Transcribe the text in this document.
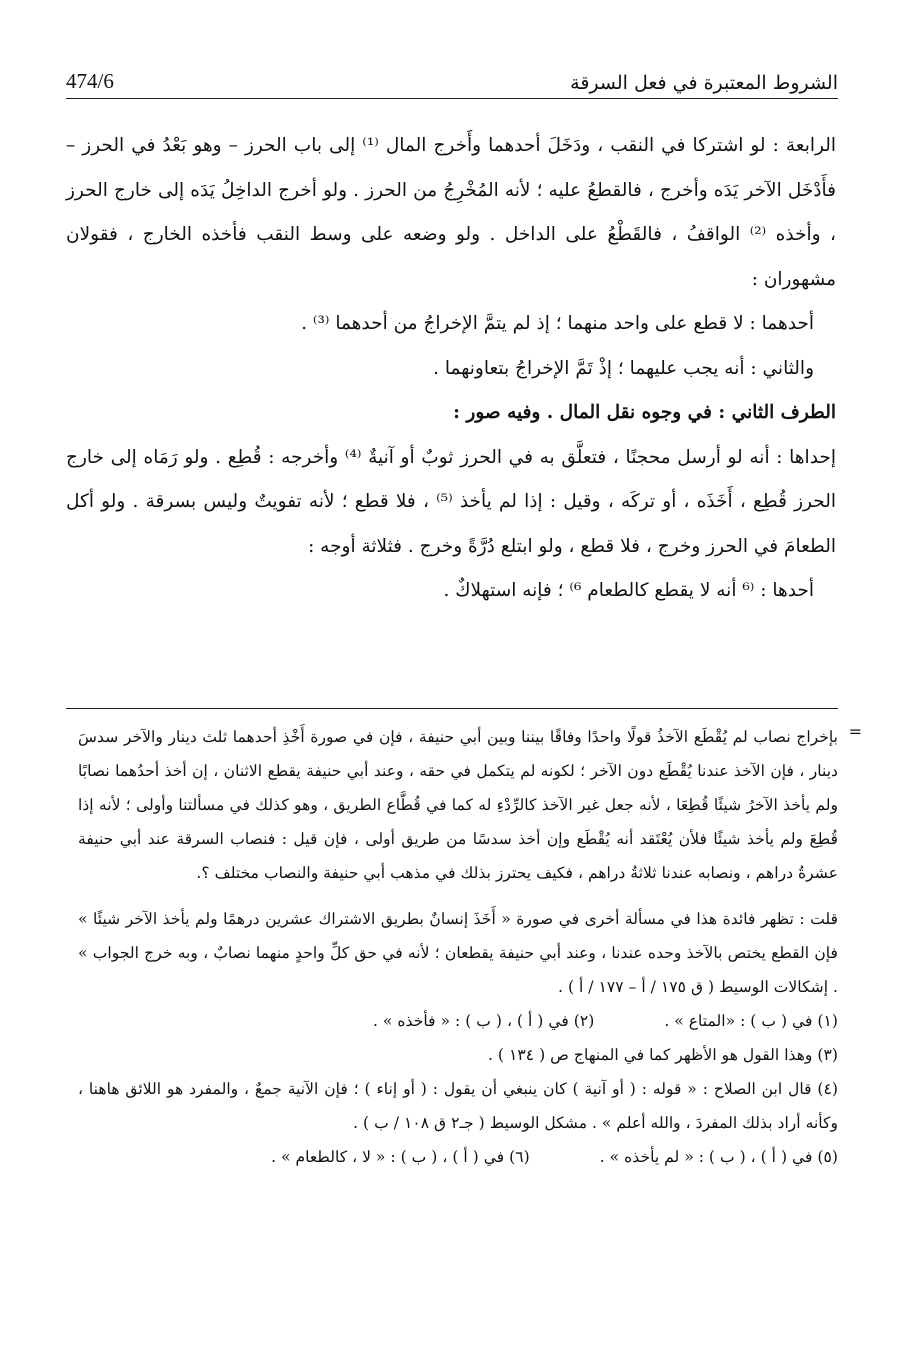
الشروط المعتبرة في فعل السرقة
474/6

الرابعة : لو اشتركا في النقب ، ودَخَلَ أحدهما وأَخرج المال ⁽¹⁾ إلى باب الحرز – وهو بَعْدُ في الحرز – فأَدْخَل الآخر يَدَه وأخرج ، فالقطعُ عليه ؛ لأنه المُخْرِجُ من الحرز . ولو أخرج الداخِلُ يَدَه إلى خارج الحرز ، وأخذه ⁽²⁾ الواقفُ ، فالقَطْعُ على الداخل . ولو وضعه على وسط النقب فأخذه الخارج ، فقولان مشهوران :

أحدهما : لا قطع على واحد منهما ؛ إذ لم يتمَّ الإخراجُ من أحدهما ⁽³⁾ .

والثاني : أنه يجب عليهما ؛ إذْ تَمَّ الإخراجُ بتعاونهما .

الطرف الثاني : في وجوه نقل المال . وفيه صور :

إحداها : أنه لو أرسل محجنًا ، فتعلَّق به في الحرز ثوبٌ أو آنيةٌ ⁽⁴⁾ وأخرجه : قُطِع . ولو رَمَاه إلى خارج الحرز قُطِع ، أَخَذَه ، أو تركَه ، وقيل : إذا لم يأخذ ⁽⁵⁾ ، فلا قطع ؛ لأنه تفويتٌ وليس بسرقة . ولو أكل الطعامَ في الحرز وخرج ، فلا قطع ، ولو ابتلع دُرَّةً وخرج . فثلاثة أوجه :

أحدها : ⁽⁶ أنه لا يقطع كالطعام ⁶⁾ ؛ فإنه استهلاكٌ .

=

بإخراج نصاب لم يُقْطَع الآخذُ قولًا واحدًا وفاقًا بيننا وبين أبي حنيفة ، فإن في صورة أَخْذِ أحدهما ثلث دينار والآخر سدسَ دينار ، فإن الآخذ عندنا يُقْطَع دون الآخر ؛ لكونه لم يتكمل في حقه ، وعند أبي حنيفة يقطع الاثنان ، إن أخذ أحدُهما نصابًا ولم يأخذ الآخرُ شيئًا قُطِعَا ، لأنه جعل غير الآخذ كالرِّدْءِ له كما في قُطَّاع الطريق ، وهو كذلك في مسألتنا وأولى ؛ لأنه إذا قُطِعَ ولم يأخذ شيئًا فلأن يُعْتَقد أنه يُقْطَع وإن أخذ سدسًا من طريق أولى ، فإن قيل : فنصاب السرقة عند أبي حنيفة عشرةُ دراهم ، ونصابه عندنا ثلاثةُ دراهم ، فكيف يحترز بذلك في مذهب أبي حنيفة والنصاب مختلف ؟.

قلت : تظهر فائدة هذا في مسألة أخرى في صورة « أَخَذَ إنسانٌ بطريق الاشتراك عشرين درهمًا ولم يأخذ الآخر شيئًا » فإن القطع يختص بالآخذ وحده عندنا ، وعند أبي حنيفة يقطعان ؛ لأنه في حق كلِّ واحدٍ منهما نصابٌ ، وبه خرج الجواب » . إشكالات الوسيط ( ق ١٧٥ / أ – ١٧٧ / أ ) .

(١) في ( ب ) : «المتاع » .
(٢) في ( أ ) ، ( ب ) : « فأخذه » .

(٣) وهذا القول هو الأظهر كما في المنهاج ص ( ١٣٤ ) .

(٤) قال ابن الصلاح : « قوله : ( أو آنية ) كان ينبغي أن يقول : ( أو إناء ) ؛ فإن الآنية جمعٌ ، والمفرد هو اللائق هاهنا ، وكأنه أراد بذلك المفردَ ، والله أعلم » . مشكل الوسيط ( جـ٢ ق ١٠٨ / ب ) .

(٥) في ( أ ) ، ( ب ) : « لم يأخذه » .
(٦) في ( أ ) ، ( ب ) : « لا ، كالطعام » .
